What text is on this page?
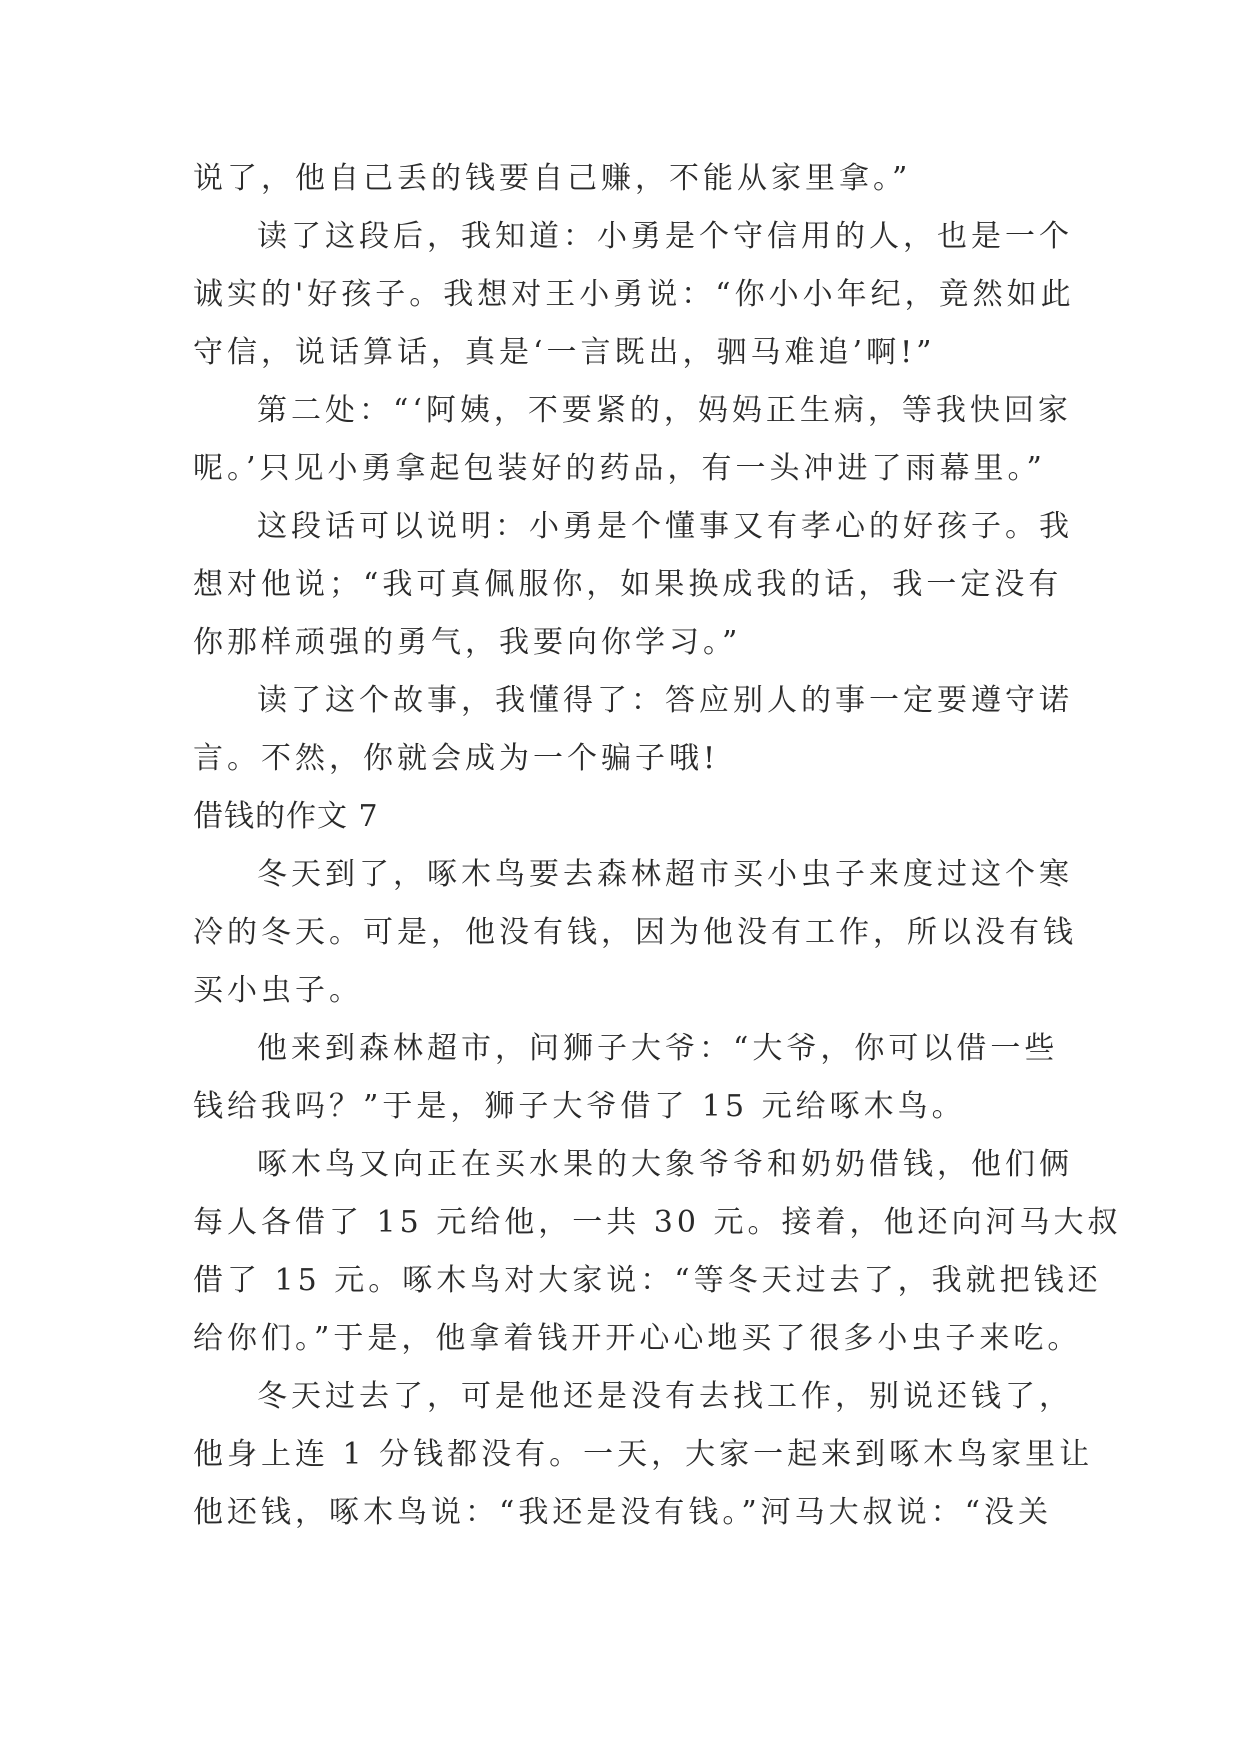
说了，他自己丢的钱要自己赚，不能从家里拿。”
读了这段后，我知道：小勇是个守信用的人，也是一个
诚实的'好孩子。我想对王小勇说：“你小小年纪，竟然如此
守信，说话算话，真是‘一言既出，驷马难追’啊!”
第二处：“‘阿姨，不要紧的，妈妈正生病，等我快回家
呢。’只见小勇拿起包装好的药品，有一头冲进了雨幕里。”
这段话可以说明：小勇是个懂事又有孝心的好孩子。我
想对他说；“我可真佩服你，如果换成我的话，我一定没有
你那样顽强的勇气，我要向你学习。”
读了这个故事，我懂得了：答应别人的事一定要遵守诺
言。不然，你就会成为一个骗子哦!
借钱的作文 7
冬天到了，啄木鸟要去森林超市买小虫子来度过这个寒
冷的冬天。可是，他没有钱，因为他没有工作，所以没有钱
买小虫子。
他来到森林超市，问狮子大爷：“大爷，你可以借一些
钱给我吗？”于是，狮子大爷借了 15 元给啄木鸟。
啄木鸟又向正在买水果的大象爷爷和奶奶借钱，他们俩
每人各借了 15 元给他，一共 30 元。接着，他还向河马大叔
借了 15 元。啄木鸟对大家说：“等冬天过去了，我就把钱还
给你们。”于是，他拿着钱开开心心地买了很多小虫子来吃。
冬天过去了，可是他还是没有去找工作，别说还钱了，
他身上连 1 分钱都没有。一天，大家一起来到啄木鸟家里让
他还钱，啄木鸟说：“我还是没有钱。”河马大叔说：“没关
